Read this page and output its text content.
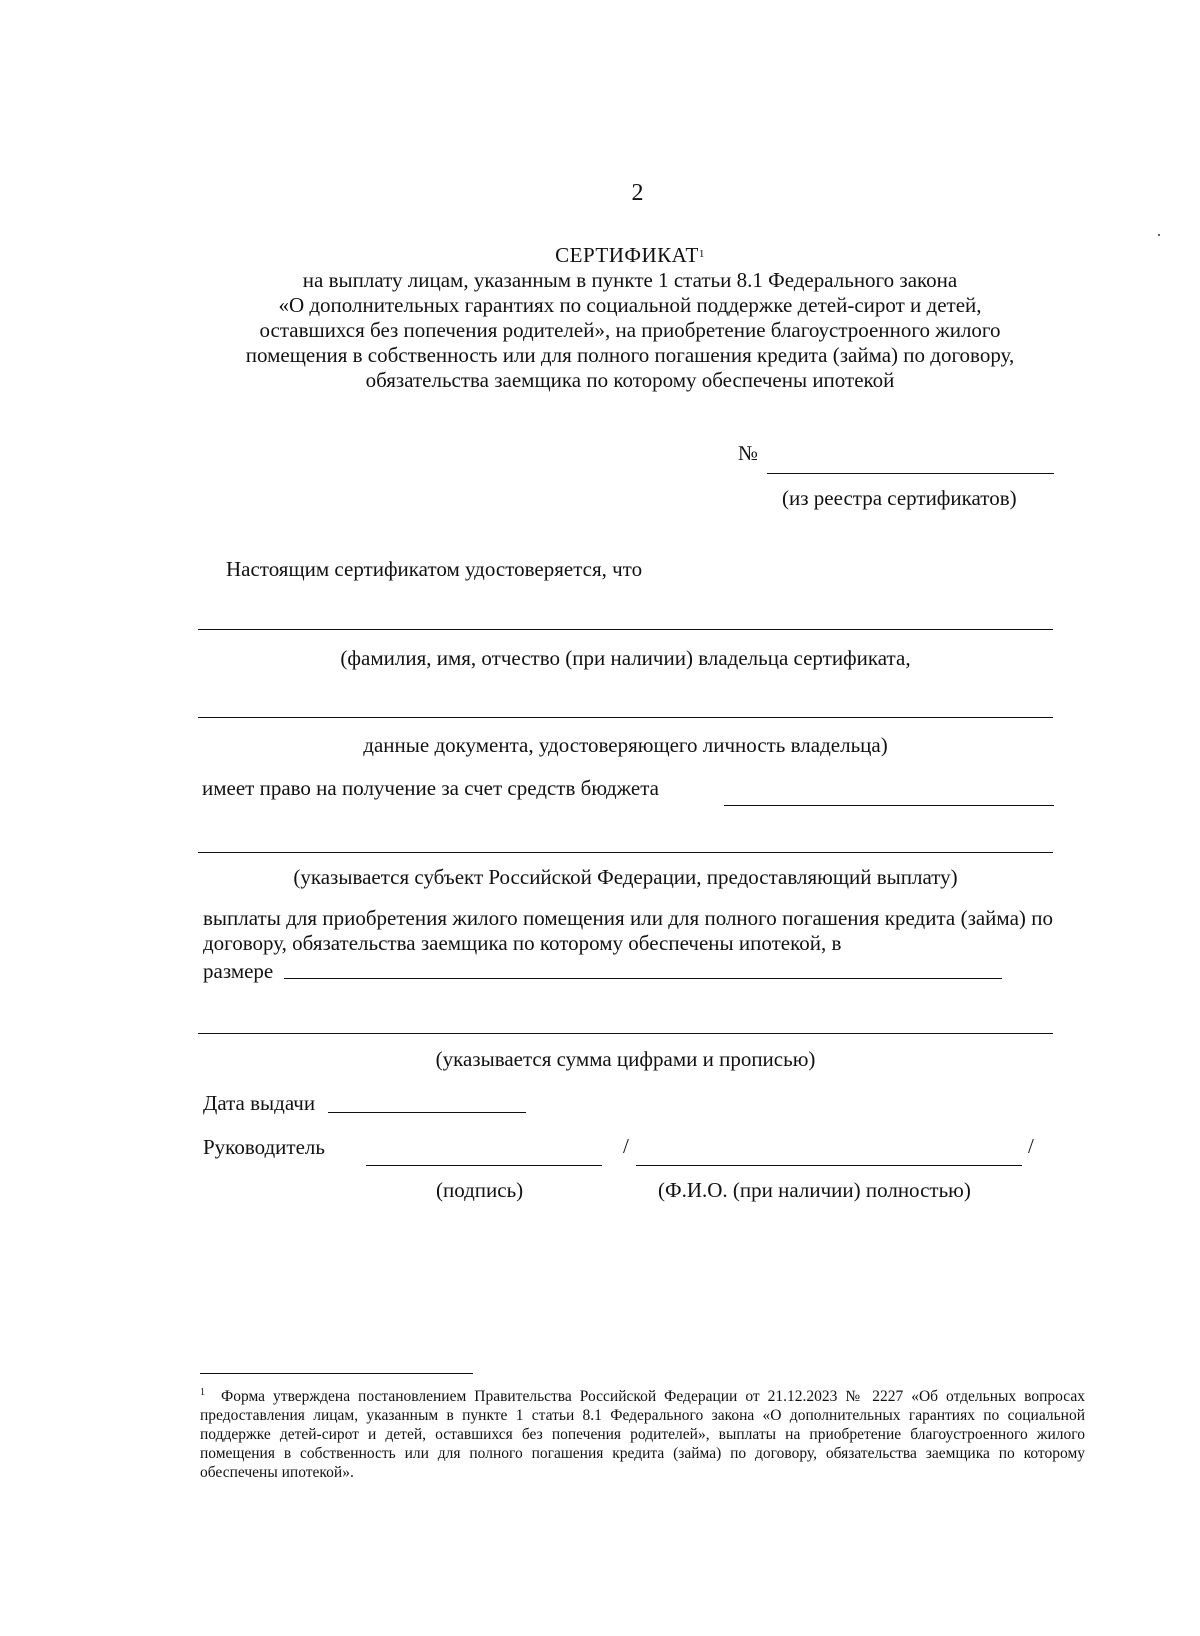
2
СЕРТИФИКАТ$^1$
на выплату лицам, указанным в пункте 1 статьи 8.1 Федерального закона
«О дополнительных гарантиях по социальной поддержке детей-сирот и детей,
оставшихся без попечения родителей», на приобретение благоустроенного жилого
помещения в собственность или для полного погашения кредита (займа) по договору,
обязательства заемщика по которому обеспечены ипотекой
№
(из реестра сертификатов)
Настоящим сертификатом удостоверяется, что
(фамилия, имя, отчество (при наличии) владельца сертификата,
данные документа, удостоверяющего личность владельца)
имеет право на получение за счет средств бюджета
(указывается субъект Российской Федерации, предоставляющий выплату)
выплаты для приобретения жилого помещения или для полного погашения кредита (займа) по договору, обязательства заемщика по которому обеспечены ипотекой, в
размере
(указывается сумма цифрами и прописью)
Дата выдачи
Руководитель	/	/
(подпись)	(Ф.И.О. (при наличии) полностью)
$^1$ Форма утверждена постановлением Правительства Российской Федерации от 21.12.2023 № 2227 «Об отдельных вопросах предоставления лицам, указанным в пункте 1 статьи 8.1 Федерального закона «О дополнительных гарантиях по социальной поддержке детей-сирот и детей, оставшихся без попечения родителей», выплаты на приобретение благоустроенного жилого помещения в собственность или для полного погашения кредита (займа) по договору, обязательства заемщика по которому обеспечены ипотекой».
